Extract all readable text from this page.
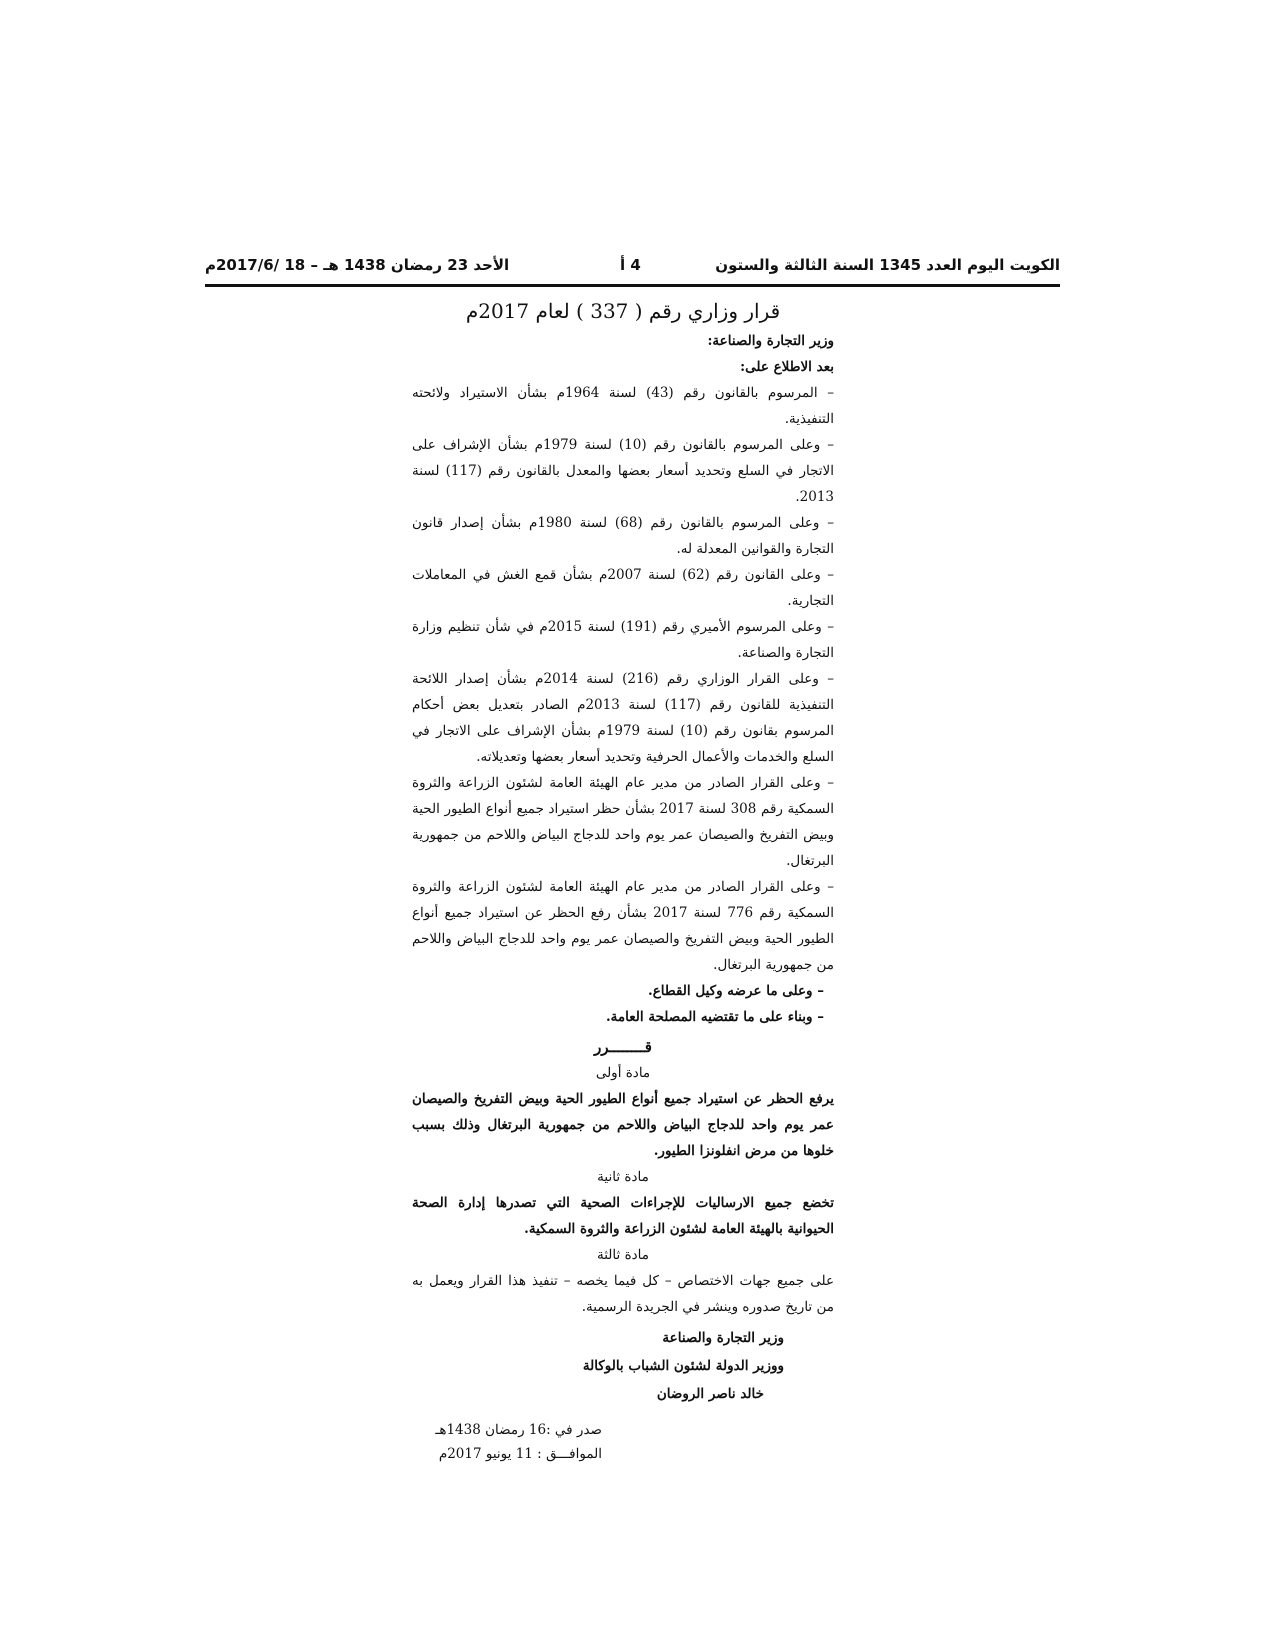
الكويت اليوم العدد 1345 السنة الثالثة والستون
4 أ
الأحد 23 رمضان 1438 هـ – 18 /2017/6م
قرار وزاري رقم ( 337 ) لعام 2017م

وزير التجارة والصناعة:

بعد الاطلاع على:

– المرسوم بالقانون رقم (43) لسنة 1964م بشأن الاستيراد ولائحته التنفيذية.

– وعلى المرسوم بالقانون رقم (10) لسنة 1979م بشأن الإشراف على الاتجار في السلع وتحديد أسعار بعضها والمعدل بالقانون رقم (117) لسنة 2013.

– وعلى المرسوم بالقانون رقم (68) لسنة 1980م بشأن إصدار قانون التجارة والقوانين المعدلة له.

– وعلى القانون رقم (62) لسنة 2007م بشأن قمع الغش في المعاملات التجارية.

– وعلى المرسوم الأميري رقم (191) لسنة 2015م في شأن تنظيم وزارة التجارة والصناعة.

– وعلى القرار الوزاري رقم (216) لسنة 2014م بشأن إصدار اللائحة التنفيذية للقانون رقم (117) لسنة 2013م الصادر بتعديل بعض أحكام المرسوم بقانون رقم (10) لسنة 1979م بشأن الإشراف على الاتجار في السلع والخدمات والأعمال الحرفية وتحديد أسعار بعضها وتعديلاته.

– وعلى القرار الصادر من مدير عام الهيئة العامة لشئون الزراعة والثروة السمكية رقم 308 لسنة 2017 بشأن حظر استيراد جميع أنواع الطيور الحية وبيض التفريخ والصيصان عمر يوم واحد للدجاج البياض واللاحم من جمهورية البرتغال.

– وعلى القرار الصادر من مدير عام الهيئة العامة لشئون الزراعة والثروة السمكية رقم 776 لسنة 2017 بشأن رفع الحظر عن استيراد جميع أنواع الطيور الحية وبيض التفريخ والصيصان عمر يوم واحد للدجاج البياض واللاحم من جمهورية البرتغال.

– وعلى ما عرضه وكيل القطاع.

– وبناء على ما تقتضيه المصلحة العامة.

قــــــــرر

مادة أولى

يرفع الحظر عن استيراد جميع أنواع الطيور الحية وبيض التفريخ والصيصان عمر يوم واحد للدجاج البياض واللاحم من جمهورية البرتغال وذلك بسبب خلوها من مرض انفلونزا الطيور.

مادة ثانية

تخضع جميع الارساليات للإجراءات الصحية التي تصدرها إدارة الصحة الحيوانية بالهيئة العامة لشئون الزراعة والثروة السمكية.

مادة ثالثة

على جميع جهات الاختصاص – كل فيما يخصه – تنفيذ هذا القرار ويعمل به من تاريخ صدوره وينشر في الجريدة الرسمية.

وزير التجارة والصناعة
ووزير الدولة لشئون الشباب بالوكالة
خالد ناصر الروضان
صدر في :16 رمضان 1438هـ
الموافـــق : 11 يونيو 2017م
